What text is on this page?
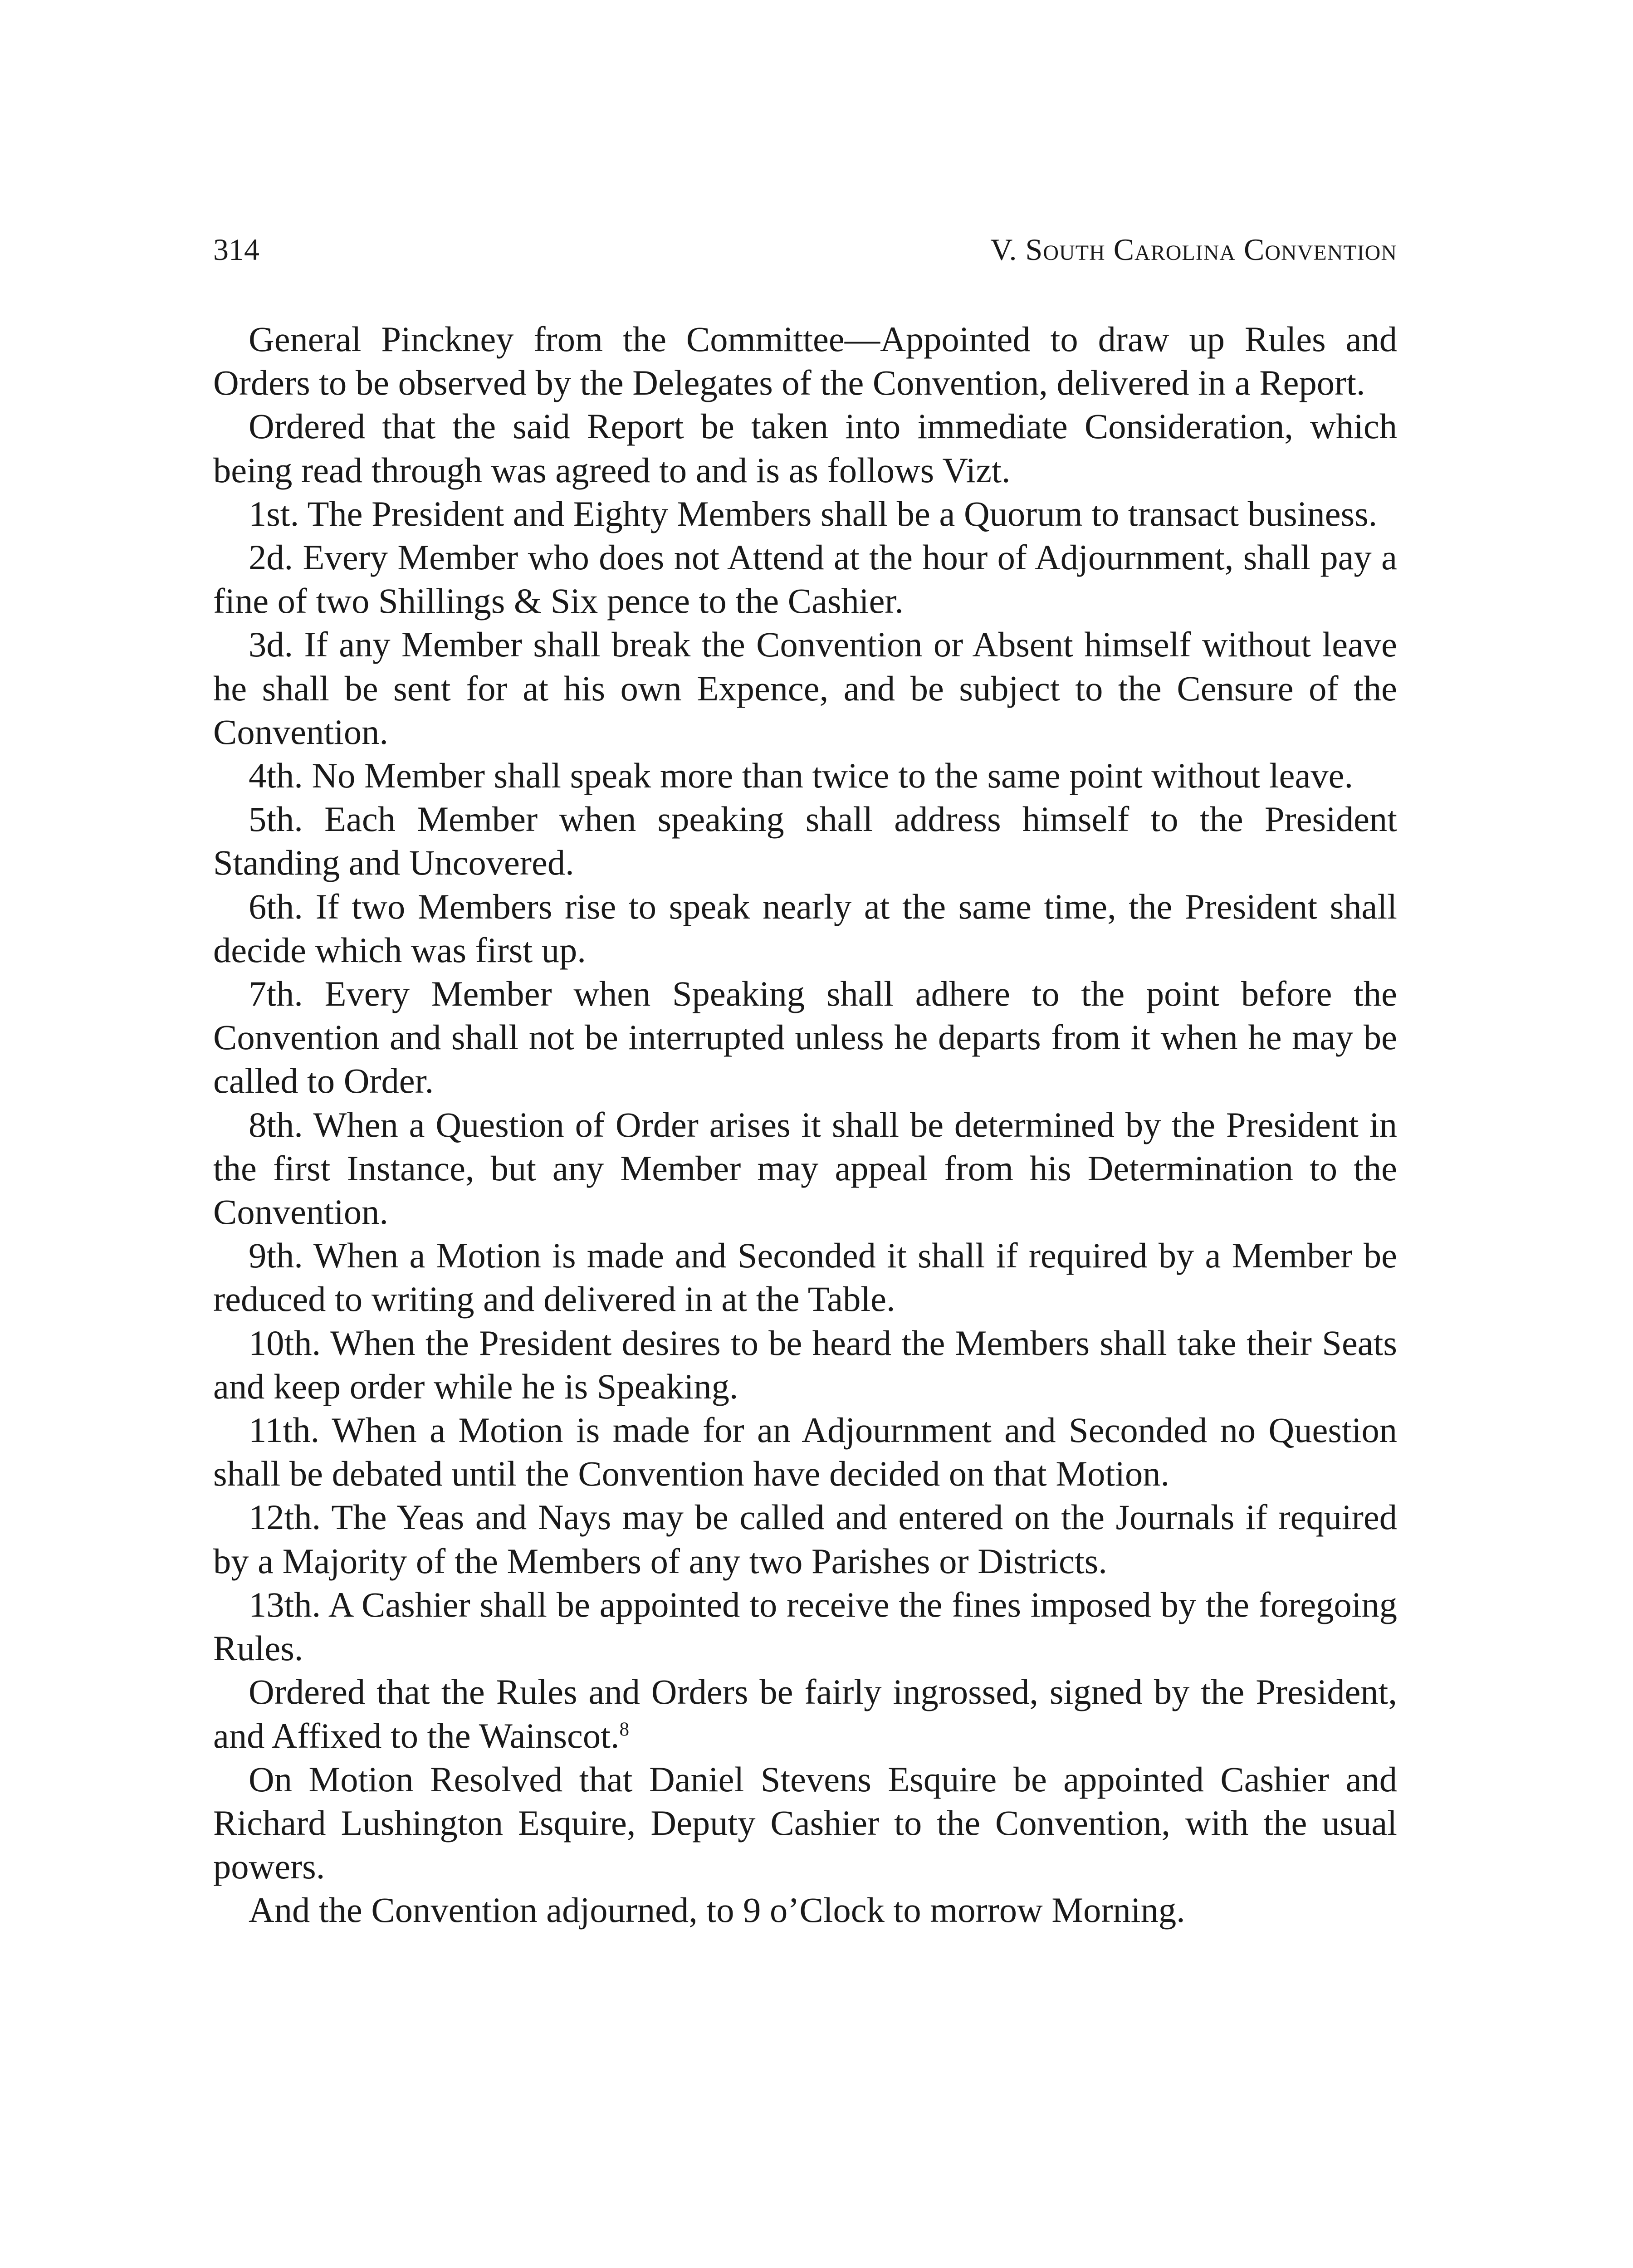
314	V. South Carolina Convention

General Pinckney from the Committee—Appointed to draw up Rules and Orders to be observed by the Delegates of the Convention, delivered in a Report.

Ordered that the said Report be taken into immediate Consideration, which being read through was agreed to and is as follows Vizt.

1st. The President and Eighty Members shall be a Quorum to transact business.

2d. Every Member who does not Attend at the hour of Adjournment, shall pay a fine of two Shillings & Six pence to the Cashier.

3d. If any Member shall break the Convention or Absent himself without leave he shall be sent for at his own Expence, and be subject to the Censure of the Convention.

4th. No Member shall speak more than twice to the same point without leave.

5th. Each Member when speaking shall address himself to the President Standing and Uncovered.

6th. If two Members rise to speak nearly at the same time, the President shall decide which was first up.

7th. Every Member when Speaking shall adhere to the point before the Convention and shall not be interrupted unless he departs from it when he may be called to Order.

8th. When a Question of Order arises it shall be determined by the President in the first Instance, but any Member may appeal from his Determination to the Convention.

9th. When a Motion is made and Seconded it shall if required by a Member be reduced to writing and delivered in at the Table.

10th. When the President desires to be heard the Members shall take their Seats and keep order while he is Speaking.

11th. When a Motion is made for an Adjournment and Seconded no Question shall be debated until the Convention have decided on that Motion.

12th. The Yeas and Nays may be called and entered on the Journals if required by a Majority of the Members of any two Parishes or Districts.

13th. A Cashier shall be appointed to receive the fines imposed by the foregoing Rules.

Ordered that the Rules and Orders be fairly ingrossed, signed by the President, and Affixed to the Wainscot.$^8$

On Motion Resolved that Daniel Stevens Esquire be appointed Cashier and Richard Lushington Esquire, Deputy Cashier to the Convention, with the usual powers.

And the Convention adjourned, to 9 o’Clock to morrow Morning.
